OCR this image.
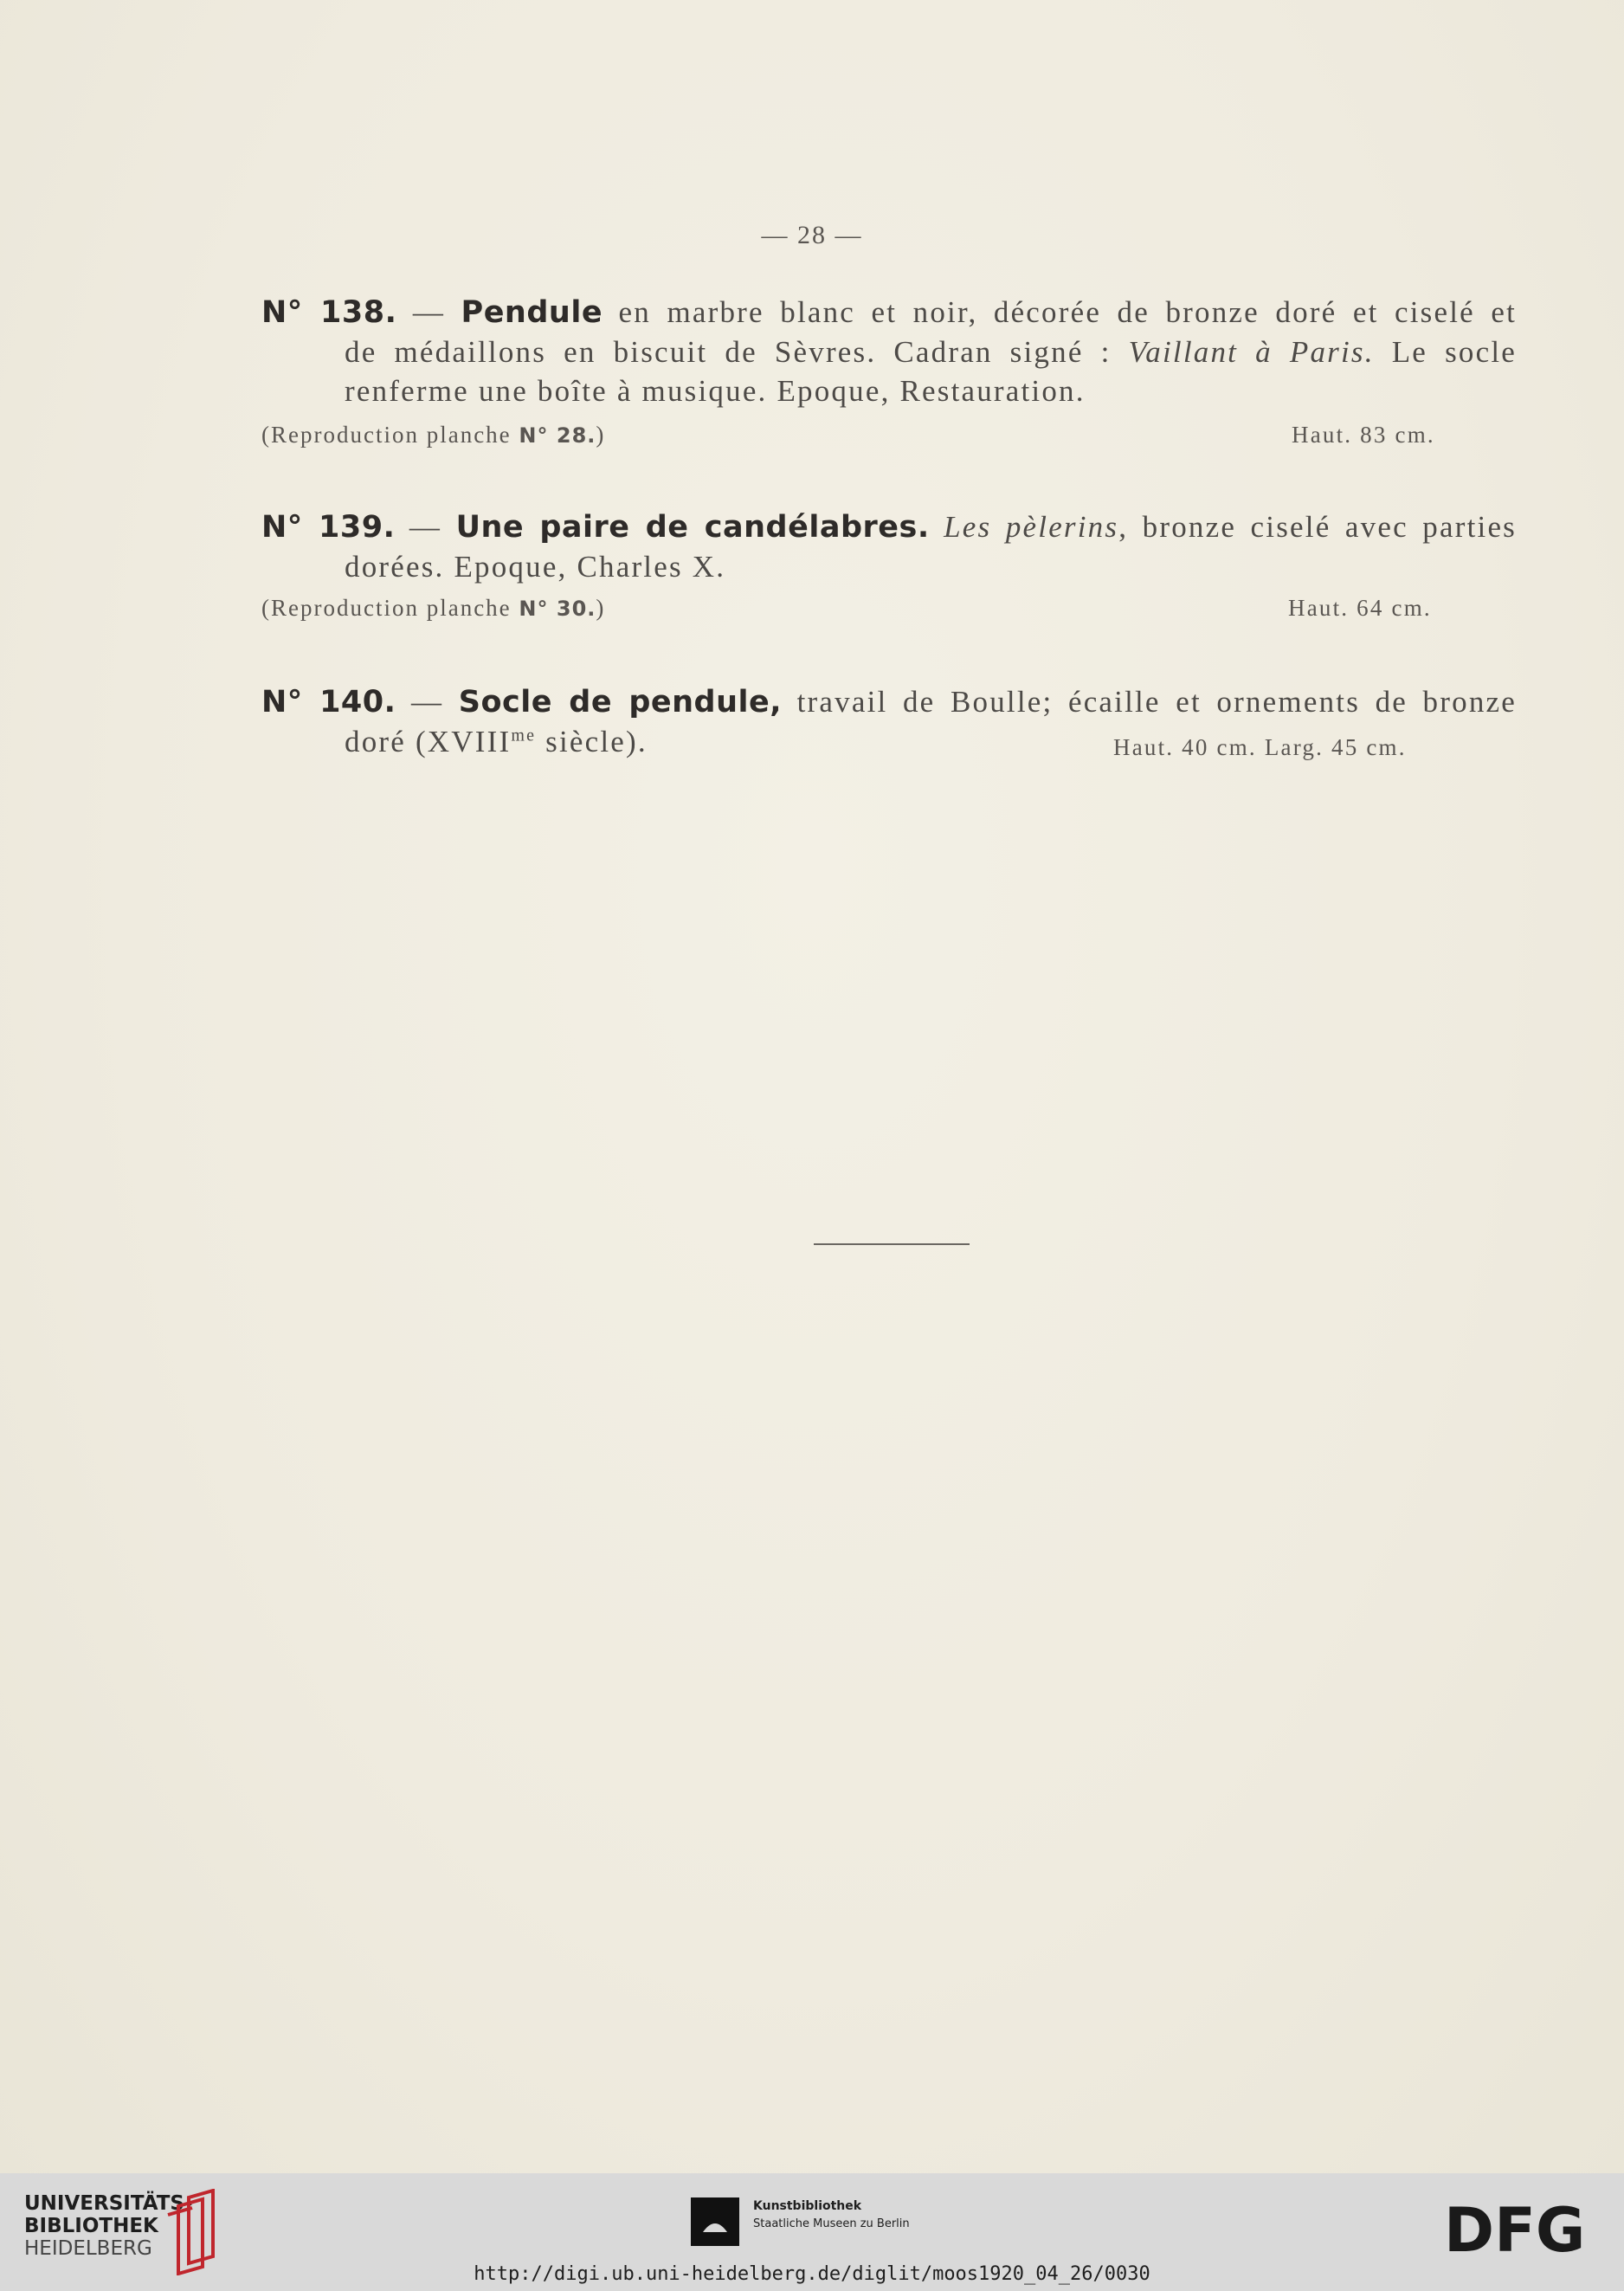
— 28 —
N° 138. — Pendule en marbre blanc et noir, décorée de bronze doré et ciselé et
de médaillons en biscuit de Sèvres. Cadran signé : Vaillant à Paris. Le socle
renferme une boîte à musique. Epoque, Restauration.
(Reproduction planche N° 28.)	Haut. 83 cm.
N° 139. — Une paire de candélabres. Les pèlerins, bronze ciselé avec parties
dorées. Epoque, Charles X.
(Reproduction planche N° 30.)	Haut. 64 cm.
N° 140. — Socle de pendule, travail de Boulle; écaille et ornements de bronze
doré ($XVIII^{me}$ siècle).	Haut. 40 cm. Larg. 45 cm.
UNIVERSITÄTS-
BIBLIOTHEK
HEIDELBERG
Kunstbibliothek
Staatliche Museen zu Berlin	DFG
http://digi.ub.uni-heidelberg.de/diglit/moos1920_04_26/0030
